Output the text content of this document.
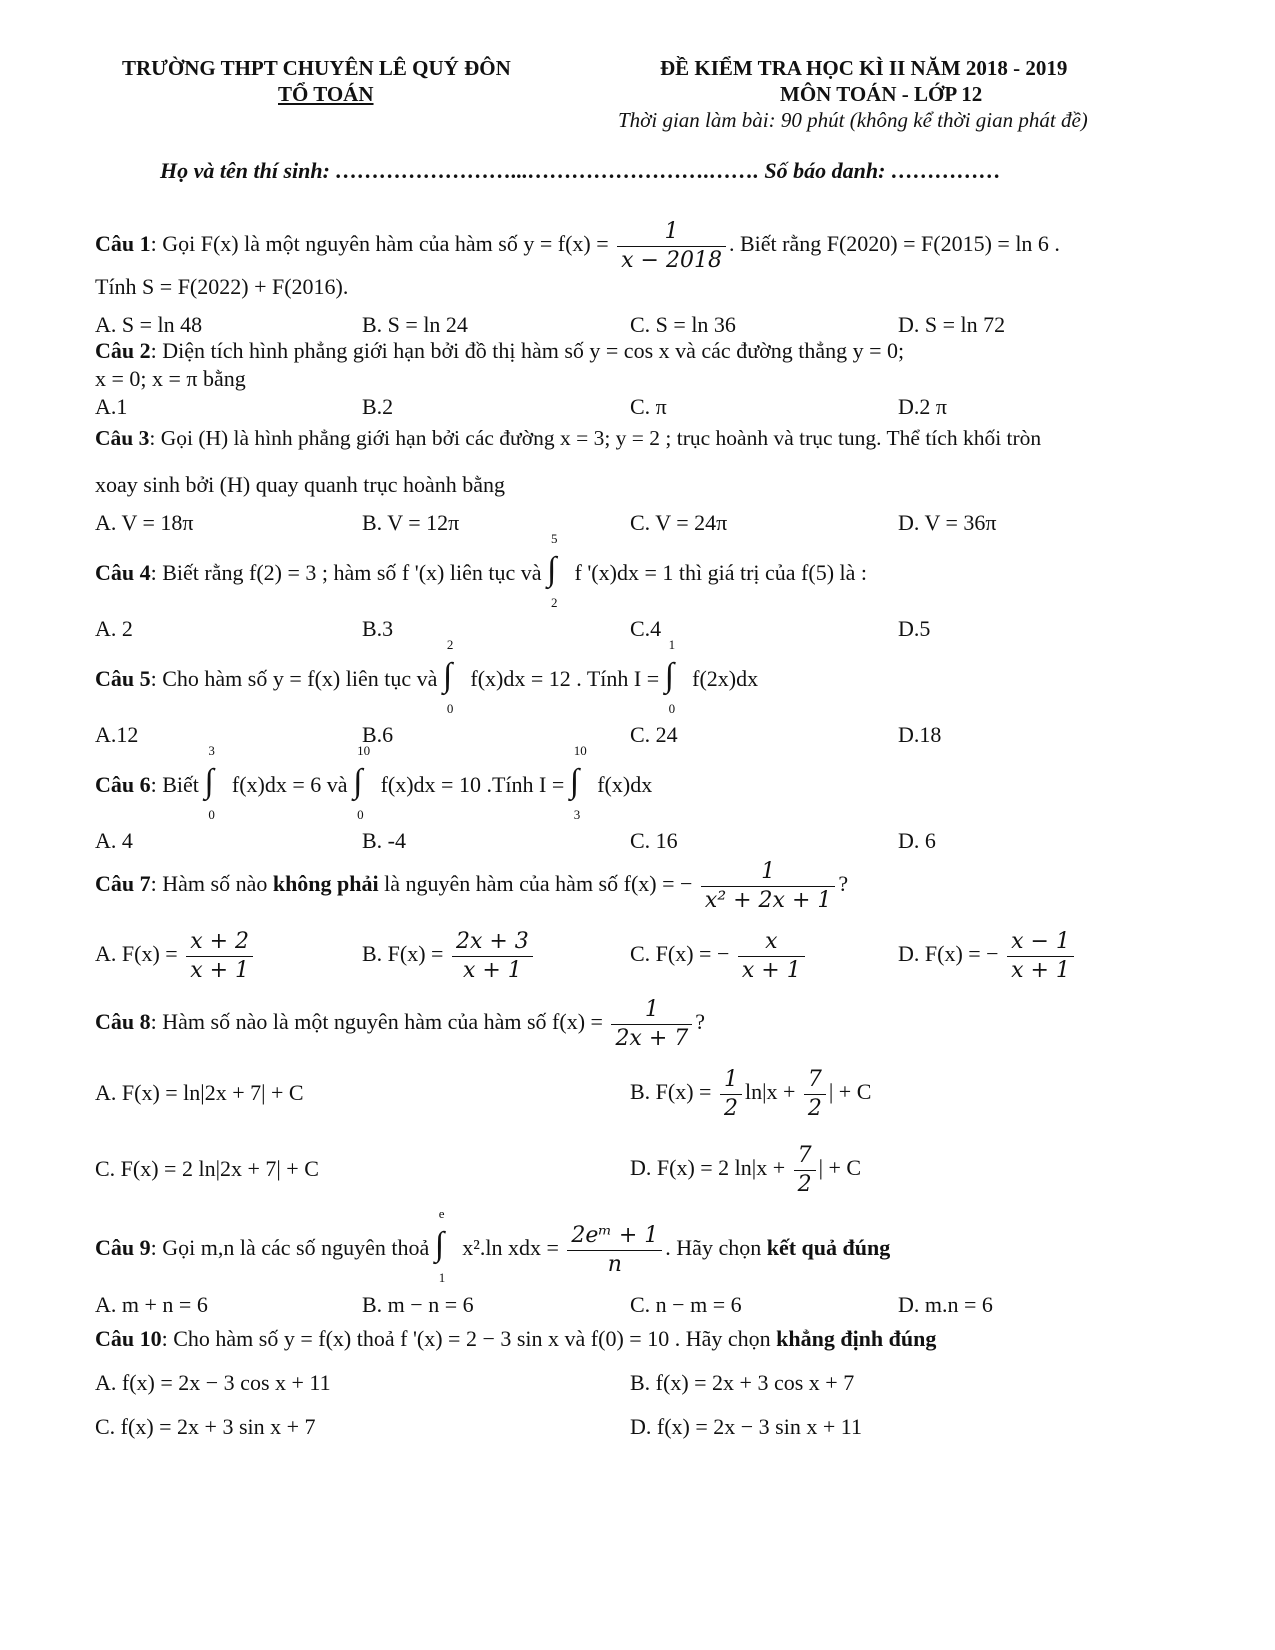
TRƯỜNG THPT CHUYÊN LÊ QUÝ ĐÔN
TỔ TOÁN
ĐỀ KIỂM TRA HỌC KÌ II NĂM 2018 - 2019
MÔN TOÁN - LỚP 12
Thời gian làm bài: 90 phút (không kể thời gian phát đề)
Họ và tên thí sinh: ……………………...…………………….……. Số báo danh: ……………
Câu 1: Gọi F(x) là một nguyên hàm của hàm số $y = f(x) = \frac{1}{x - 2018}$ . Biết rằng F(2020) = F(2015) = ln 6 .
Tính S = F(2022) + F(2016).
A. S = ln 48	B. S = ln 24	C. S = ln 36	D. S = ln 72
Câu 2: Diện tích hình phẳng giới hạn bởi đồ thị hàm số y = cos x và các đường thẳng y = 0;
x = 0; x = π bằng
A.1	B.2	C. π	D.2 π
Câu 3: Gọi (H) là hình phẳng giới hạn bởi các đường x = 3; y = 2 ; trục hoành và trục tung. Thể tích khối tròn
xoay sinh bởi (H) quay quanh trục hoành bằng
A. V = 18π	B. V = 12π	C. V = 24π	D. V = 36π
Câu 4: Biết rằng f(2) = 3 ; hàm số f '(x) liên tục và ∫
5
2
f '(x)dx = 1 thì giá trị của f(5) là :
A. 2	B.3	C.4	D.5
Câu 5: Cho hàm số y = f(x) liên tục và ∫
2
0
f(x)dx = 12 . Tính I = ∫
1
0
f(2x)dx
A.12	B.6	C. 24	D.18
Câu 6: Biết ∫
3
0
f(x)dx = 6 và ∫
10
0
f(x)dx = 10 .Tính I = ∫
10
3
f(x)dx
A. 4	B. -4	C. 16	D. 6
Câu 7: Hàm số nào không phải là nguyên hàm của hàm số f(x) = − $\frac{1}{\text{x² + 2x + 1}}$ ?
A. $F(x) = \frac{x + 2}{x + 1}$	B. $F(x) = \frac{2x + 3}{x + 1}$	C. F(x) = − $\frac{x}{x + 1}$	D. F(x) = − $\frac{x - 1}{x + 1}$
Câu 8: Hàm số nào là một nguyên hàm của hàm số $f(x) = \frac{1}{2x + 7}$ ?
A. F(x) = ln|2x + 7| + C	B. $F(x) = \frac{1}{2} \ln|x + \frac{7}{2}$ | + C
C. F(x) = 2 ln|2x + 7| + C	D. F(x) = 2 $\ln|x + \frac{7}{2}$ | + C
Câu 9: Gọi m,n là các số nguyên thoả ∫
e
1
x².ln xdx = $\frac{\text{2eᵐ + 1}}{n}$ . Hãy chọn kết quả đúng
A. m + n = 6	B. m − n = 6	C. n − m = 6	D. m.n = 6
Câu 10: Cho hàm số y = f(x) thoả f '(x) = 2 − 3 sin x và f(0) = 10 . Hãy chọn khẳng định đúng
A. f(x) = 2x − 3 cos x + 11	B. f(x) = 2x + 3 cos x + 7
C. f(x) = 2x + 3 sin x + 7	D. f(x) = 2x − 3 sin x + 11
